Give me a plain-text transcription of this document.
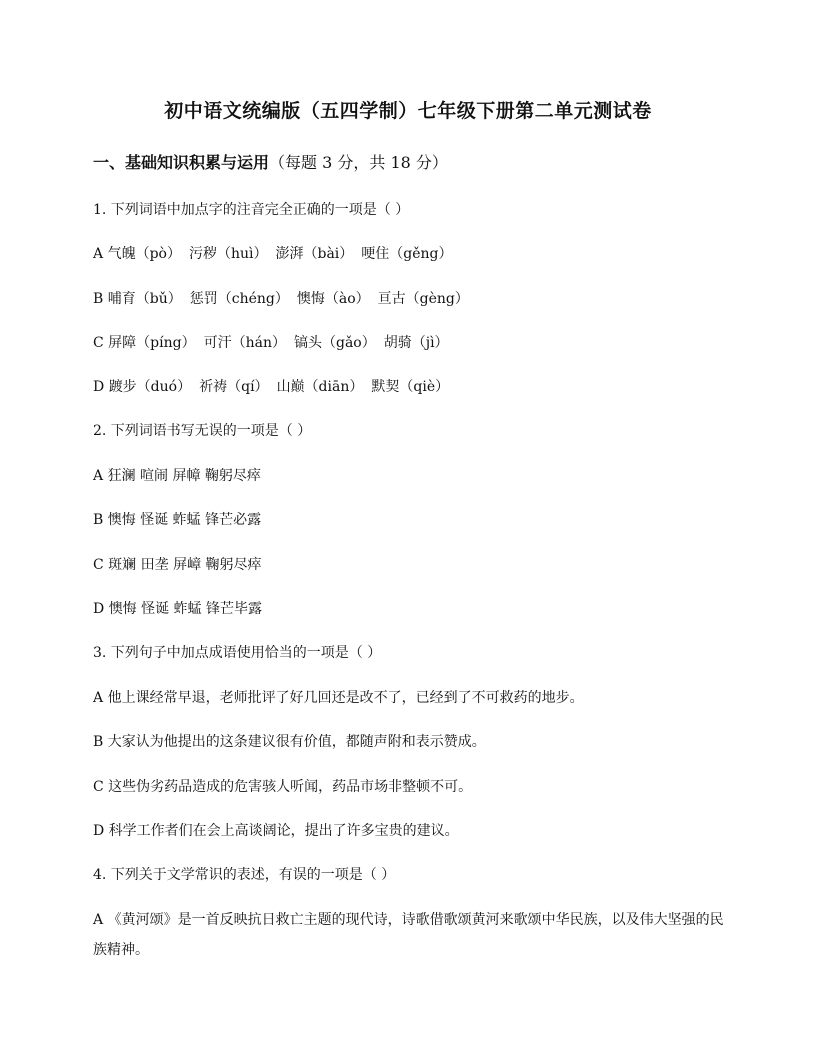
初中语文统编版（五四学制）七年级下册第二单元测试卷
一、基础知识积累与运用（每题 3 分，共 18 分）
1. 下列词语中加点字的注音完全正确的一项是（ ）
A 气魄（pò） 污秽（huì） 澎湃（bài） 哽住（gěng）
B 哺育（bǔ） 惩罚（chéng） 懊悔（ào） 亘古（gèng）
C 屏障（píng） 可汗（hán） 镐头（gǎo） 胡骑（jì）
D 踱步（duó） 祈祷（qí） 山巅（diān） 默契（qiè）
2. 下列词语书写无误的一项是（ ）
A 狂澜 喧闹 屏幛 鞠躬尽瘁
B 懊悔 怪诞 蚱蜢 锋芒必露
C 斑斓 田垄 屏嶂 鞠躬尽瘁
D 懊悔 怪诞 蚱蜢 锋芒毕露
3. 下列句子中加点成语使用恰当的一项是（ ）
A 他上课经常早退，老师批评了好几回还是改不了，已经到了不可救药的地步。
B 大家认为他提出的这条建议很有价值，都随声附和表示赞成。
C 这些伪劣药品造成的危害骇人听闻，药品市场非整顿不可。
D 科学工作者们在会上高谈阔论，提出了许多宝贵的建议。
4. 下列关于文学常识的表述，有误的一项是（ ）
A 《黄河颂》是一首反映抗日救亡主题的现代诗，诗歌借歌颂黄河来歌颂中华民族，以及伟大坚强的民族精神。
